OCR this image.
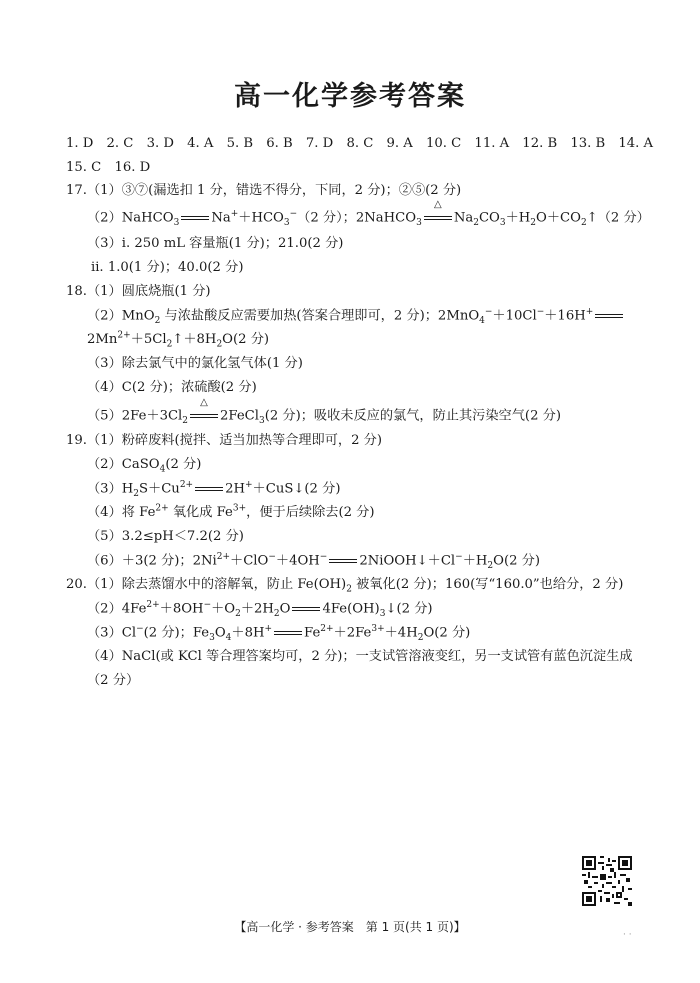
高一化学参考答案
1. D　2. C　3. D　4. A　5. B　6. B　7. D　8. C　9. A　10. C　11. A　12. B　13. B　14. A
15. C　16. D
17.（1）③⑦(漏选扣 1 分，错选不得分，下同，2 分)；②⑤(2 分)
（2）NaHCO$_3$ $Na^++HCO_3^-(2$ 分）；2NaHCO$_3$
△
$Na_2CO_3+H_2O+CO_2↑(2$ 分）
（3）ⅰ. 250 mL 容量瓶(1 分)；21.0(2 分)
ⅱ. 1.0(1 分)；40.0(2 分)
18.（1）圆底烧瓶(1 分)
（2）MnO$_2$ 与浓盐酸反应需要加热(答案合理即可，2 分)；2MnO$_4$−＋10Cl−＋16H+
$2Mn^{2+}+5Cl_2↑+8H_2O(2$ 分)
（3）除去氯气中的氯化氢气体(1 分)
（4）C(2 分)；浓硫酸(2 分)
$(5)2Fe+3Cl_2$
△
2FeCl$_3$(2 分)；吸收未反应的氯气，防止其污染空气(2 分)
19.（1）粉碎废料(搅拌、适当加热等合理即可，2 分)
（2）CaSO$_4$(2 分)
$(3)H_2S+Cu^{2+}$ 2H+＋CuS↓(2 分)
（4）将 $Fe^{2+}$ 氧化成 $Fe^{3+}$，便于后续除去(2 分)
（5）3.2≤pH＜7.2(2 分)
（6）＋3(2 分)；$2Ni^{2+}+ClO^-+4OH^-$ $2NiOOH↓+Cl^-+H_2O(2$ 分)
20.（1）除去蒸馏水中的溶解氧，防止 $Fe(OH)_2$ 被氧化(2 分)；160(写“160.0”也给分，2 分)
$(2)4Fe^{2+}+8OH^-+O_2+2H_2O$ $4Fe(OH)_3↓(2$ 分)
（3）Cl−(2 分)；$Fe_3O_4+8H^+$ $Fe^{2+}+2Fe^{3+}+4H_2O(2$ 分)
（4）NaCl(或 KCl 等合理答案均可，2 分)；一支试管溶液变红，另一支试管有蓝色沉淀生成
（2 分）
【高一化学 · 参考答案　第 1 页(共 1 页)】
· ·
